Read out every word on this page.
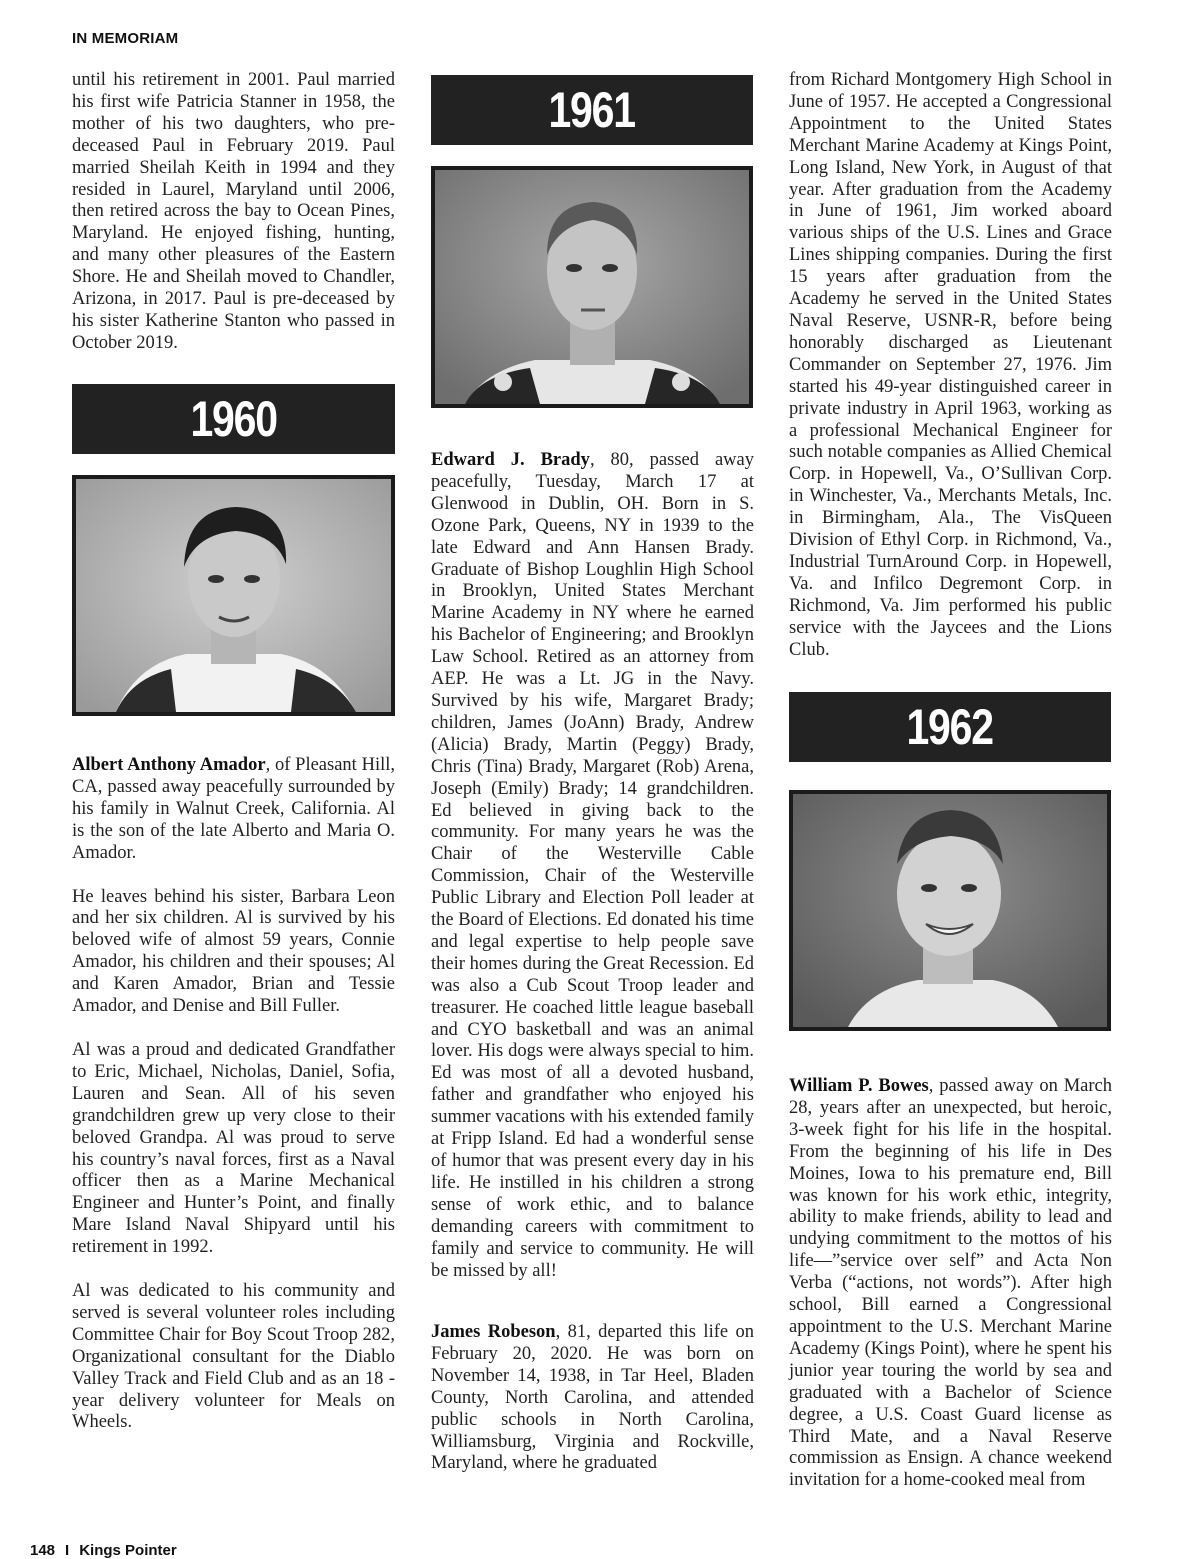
IN MEMORIAM

until his retirement in 2001. Paul married his first wife Patricia Stanner in 1958, the mother of his two daughters, who pre-deceased Paul in February 2019. Paul married Sheilah Keith in 1994 and they resided in Laurel, Maryland until 2006, then retired across the bay to Ocean Pines, Maryland. He enjoyed fishing, hunting, and many other pleasures of the Eastern Shore. He and Sheilah moved to Chandler, Arizona, in 2017. Paul is pre-deceased by his sister Katherine Stanton who passed in October 2019.

1960

Albert Anthony Amador, of Pleasant Hill, CA, passed away peacefully surrounded by his family in Walnut Creek, California. Al is the son of the late Alberto and Maria O. Amador.

He leaves behind his sister, Barbara Leon and her six children. Al is survived by his beloved wife of almost 59 years, Connie Amador, his children and their spouses; Al and Karen Amador, Brian and Tessie Amador, and Denise and Bill Fuller.

Al was a proud and dedicated Grandfather to Eric, Michael, Nicholas, Daniel, Sofia, Lauren and Sean. All of his seven grandchildren grew up very close to their beloved Grandpa. Al was proud to serve his country’s naval forces, first as a Naval officer then as a Marine Mechanical Engineer and Hunter’s Point, and finally Mare Island Naval Shipyard until his retirement in 1992.

Al was dedicated to his community and served is several volunteer roles including Committee Chair for Boy Scout Troop 282, Organizational consultant for the Diablo Valley Track and Field Club and as an 18 -year delivery volunteer for Meals on Wheels.

1961

Edward J. Brady, 80, passed away peacefully, Tuesday, March 17 at Glenwood in Dublin, OH. Born in S. Ozone Park, Queens, NY in 1939 to the late Edward and Ann Hansen Brady. Graduate of Bishop Loughlin High School in Brooklyn, United States Merchant Marine Academy in NY where he earned his Bachelor of Engineering; and Brooklyn Law School. Retired as an attorney from AEP. He was a Lt. JG in the Navy. Survived by his wife, Margaret Brady; children, James (JoAnn) Brady, Andrew (Alicia) Brady, Martin (Peggy) Brady, Chris (Tina) Brady, Margaret (Rob) Arena, Joseph (Emily) Brady; 14 grandchildren. Ed believed in giving back to the community. For many years he was the Chair of the Westerville Cable Commission, Chair of the Westerville Public Library and Election Poll leader at the Board of Elections. Ed donated his time and legal expertise to help people save their homes during the Great Recession. Ed was also a Cub Scout Troop leader and treasurer. He coached little league baseball and CYO basketball and was an animal lover. His dogs were always special to him. Ed was most of all a devoted husband, father and grandfather who enjoyed his summer vacations with his extended family at Fripp Island. Ed had a wonderful sense of humor that was present every day in his life. He instilled in his children a strong sense of work ethic, and to balance demanding careers with commitment to family and service to community. He will be missed by all!

James Robeson, 81, departed this life on February 20, 2020. He was born on November 14, 1938, in Tar Heel, Bladen County, North Carolina, and attended public schools in North Carolina, Williamsburg, Virginia and Rockville, Maryland, where he graduated

from Richard Montgomery High School in June of 1957. He accepted a Congressional Appointment to the United States Merchant Marine Academy at Kings Point, Long Island, New York, in August of that year. After graduation from the Academy in June of 1961, Jim worked aboard various ships of the U.S. Lines and Grace Lines shipping companies. During the first 15 years after graduation from the Academy he served in the United States Naval Reserve, USNR-R, before being honorably discharged as Lieutenant Commander on September 27, 1976. Jim started his 49-year distinguished career in private industry in April 1963, working as a professional Mechanical Engineer for such notable companies as Allied Chemical Corp. in Hopewell, Va., O’Sullivan Corp. in Winchester, Va., Merchants Metals, Inc. in Birmingham, Ala., The VisQueen Division of Ethyl Corp. in Richmond, Va., Industrial TurnAround Corp. in Hopewell, Va. and Infilco Degremont Corp. in Richmond, Va. Jim performed his public service with the Jaycees and the Lions Club.

1962

William P. Bowes, passed away on March 28, years after an unexpected, but heroic, 3-week fight for his life in the hospital. From the beginning of his life in Des Moines, Iowa to his premature end, Bill was known for his work ethic, integrity, ability to make friends, ability to lead and undying commitment to the mottos of his life—”service over self” and Acta Non Verba (“actions, not words”). After high school, Bill earned a Congressional appointment to the U.S. Merchant Marine Academy (Kings Point), where he spent his junior year touring the world by sea and graduated with a Bachelor of Science degree, a U.S. Coast Guard license as Third Mate, and a Naval Reserve commission as Ensign. A chance weekend invitation for a home-cooked meal from

148 I Kings Pointer
